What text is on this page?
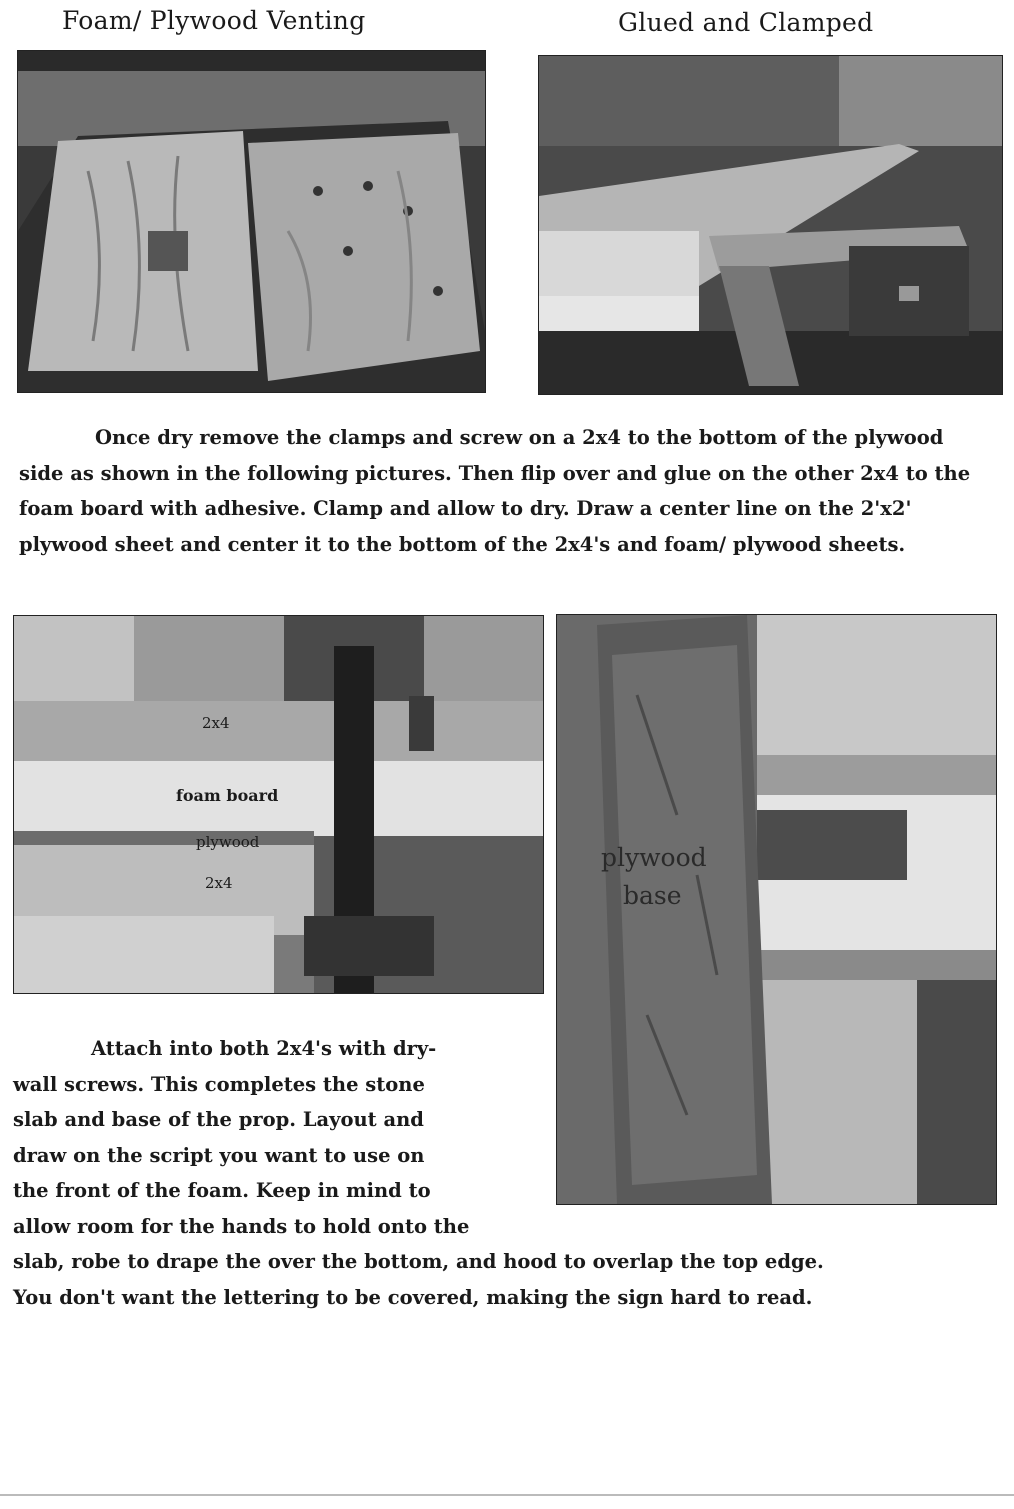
Foam/ Plywood Venting	Glued and Clamped
Once dry remove the clamps and screw on a 2x4 to the bottom of the plywood side as shown in the following pictures. Then flip over and glue on the other 2x4 to the foam board with adhesive. Clamp and allow to dry. Draw a center line on the 2'x2' plywood sheet and center it to the bottom of the 2x4's and foam/ plywood sheets.
2x4
foam board
plywood
2x4
plywood
base

Attach into both 2x4's with dry-

wall screws. This completes the stone

slab and base of the prop. Layout and

draw on the script you want to use on

the front of the foam. Keep in mind to

allow room for the hands to hold onto the

slab, robe to drape the over the bottom, and hood to overlap the top edge.

You don't want the lettering to be covered, making the sign hard to read.
